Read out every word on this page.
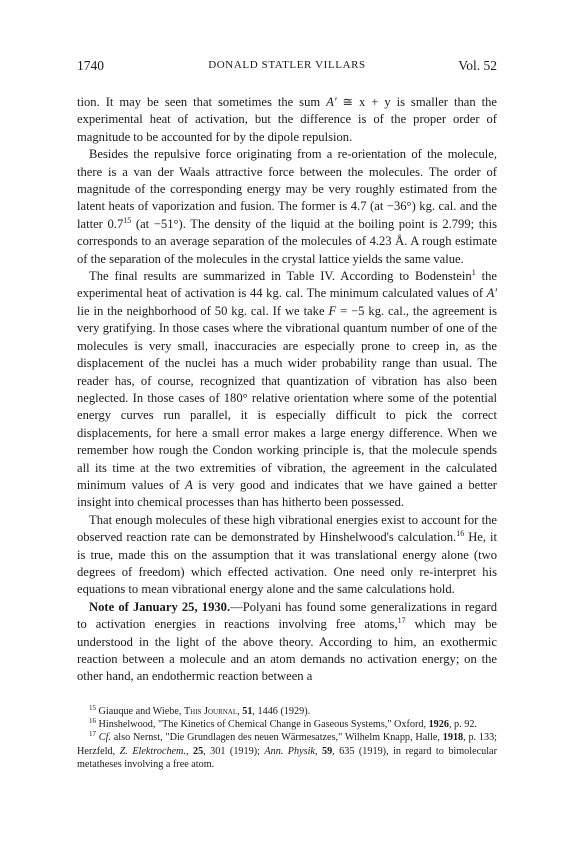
1740	DONALD STATLER VILLARS	Vol. 52

tion. It may be seen that sometimes the sum A' ≅ x + y is smaller than the experimental heat of activation, but the difference is of the proper order of magnitude to be accounted for by the dipole repulsion.

Besides the repulsive force originating from a re-orientation of the molecule, there is a van der Waals attractive force between the molecules. The order of magnitude of the corresponding energy may be very roughly estimated from the latent heats of vaporization and fusion. The former is 4.7 (at −36°) kg. cal. and the latter $0.7^{15}$ (at −51°). The density of the liquid at the boiling point is 2.799; this corresponds to an average separation of the molecules of 4.23 Å. A rough estimate of the separation of the molecules in the crystal lattice yields the same value.

The final results are summarized in Table IV. According to Bodenstein$^1$ the experimental heat of activation is 44 kg. cal. The minimum calculated values of A' lie in the neighborhood of 50 kg. cal. If we take F = −5 kg. cal., the agreement is very gratifying. In those cases where the vibrational quantum number of one of the molecules is very small, inaccuracies are especially prone to creep in, as the displacement of the nuclei has a much wider probability range than usual. The reader has, of course, recognized that quantization of vibration has also been neglected. In those cases of 180° relative orientation where some of the potential energy curves run parallel, it is especially difficult to pick the correct displacements, for here a small error makes a large energy difference. When we remember how rough the Condon working principle is, that the molecule spends all its time at the two extremities of vibration, the agreement in the calculated minimum values of A is very good and indicates that we have gained a better insight into chemical processes than has hitherto been possessed.

That enough molecules of these high vibrational energies exist to account for the observed reaction rate can be demonstrated by Hinshelwood's calculation.$^{16}$ He, it is true, made this on the assumption that it was translational energy alone (two degrees of freedom) which effected activation. One need only re-interpret his equations to mean vibrational energy alone and the same calculations hold.

Note of January 25, 1930.—Polyani has found some generalizations in regard to activation energies in reactions involving free atoms,$^{17}$ which may be understood in the light of the above theory. According to him, an exothermic reaction between a molecule and an atom demands no activation energy; on the other hand, an endothermic reaction between a

$^{15}$ Giauque and Wiebe, This Journal, 51, 1446 (1929).

$^{16}$ Hinshelwood, "The Kinetics of Chemical Change in Gaseous Systems," Oxford, 1926, p. 92.

$^{17}$ Cf. also Nernst, "Die Grundlagen des neuen Wärmesatzes," Wilhelm Knapp, Halle, 1918, p. 133; Herzfeld, Z. Elektrochem., 25, 301 (1919); Ann. Physik, 59, 635 (1919), in regard to bimolecular metatheses involving a free atom.
